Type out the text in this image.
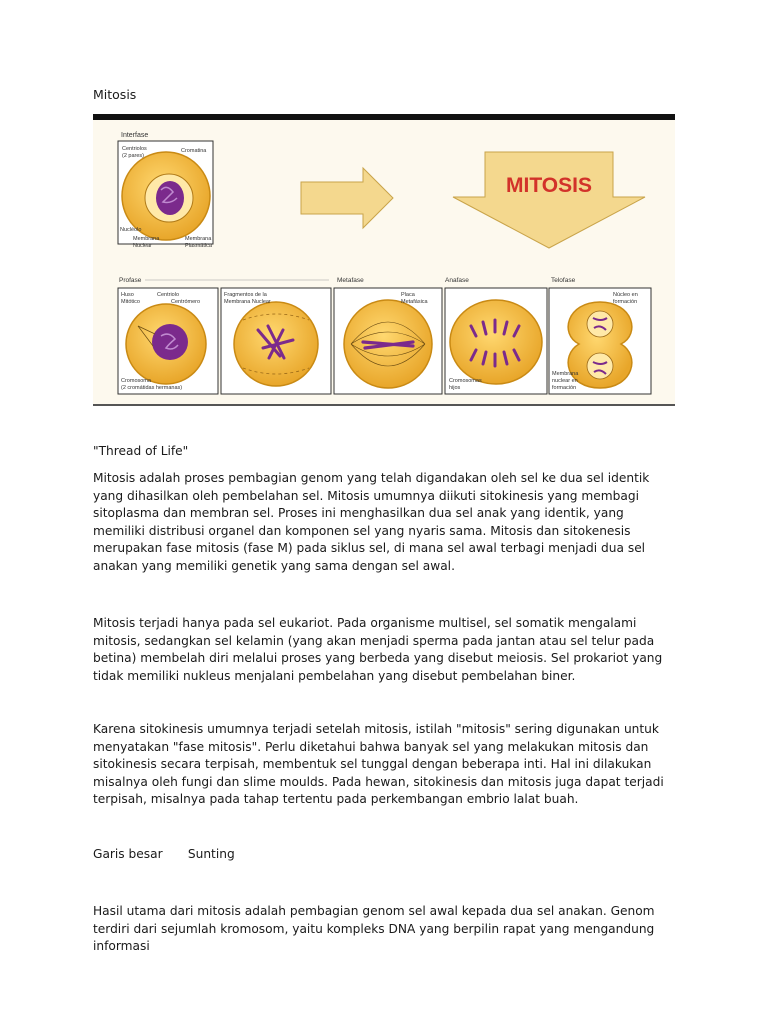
Mitosis
Interfase
Centriolos
(2 pares)
Cromatina
Nucléolo
Membrana
Nuclear
Membrana
Plasmática
MITOSIS
Profase	Metafase	Anafase	Telofase
Huso
Mitótico
Centriolo
Centrómero
Cromosoma
(2 cromátidas hermanas)
Fragmentos de la
Membrana Nuclear
Placa
Metafásica
Cromosomas
hijos
Núcleo en
formación
Membrana
nuclear en
formación
"Thread of Life"

Mitosis adalah proses pembagian genom yang telah digandakan oleh sel ke dua sel identik yang dihasilkan oleh pembelahan sel. Mitosis umumnya diikuti sitokinesis yang membagi sitoplasma dan membran sel. Proses ini menghasilkan dua sel anak yang identik, yang memiliki distribusi organel dan komponen sel yang nyaris sama. Mitosis dan sitokenesis merupakan fase mitosis (fase M) pada siklus sel, di mana sel awal terbagi menjadi dua sel anakan yang memiliki genetik yang sama dengan sel awal.

Mitosis terjadi hanya pada sel eukariot. Pada organisme multisel, sel somatik mengalami mitosis, sedangkan sel kelamin (yang akan menjadi sperma pada jantan atau sel telur pada betina) membelah diri melalui proses yang berbeda yang disebut meiosis. Sel prokariot yang tidak memiliki nukleus menjalani pembelahan yang disebut pembelahan biner.

Karena sitokinesis umumnya terjadi setelah mitosis, istilah "mitosis" sering digunakan untuk menyatakan "fase mitosis". Perlu diketahui bahwa banyak sel yang melakukan mitosis dan sitokinesis secara terpisah, membentuk sel tunggal dengan beberapa inti. Hal ini dilakukan misalnya oleh fungi dan slime moulds. Pada hewan, sitokinesis dan mitosis juga dapat terjadi terpisah, misalnya pada tahap tertentu pada perkembangan embrio lalat buah.

Garis besar Sunting

Hasil utama dari mitosis adalah pembagian genom sel awal kepada dua sel anakan. Genom terdiri dari sejumlah kromosom, yaitu kompleks DNA yang berpilin rapat yang mengandung informasi
